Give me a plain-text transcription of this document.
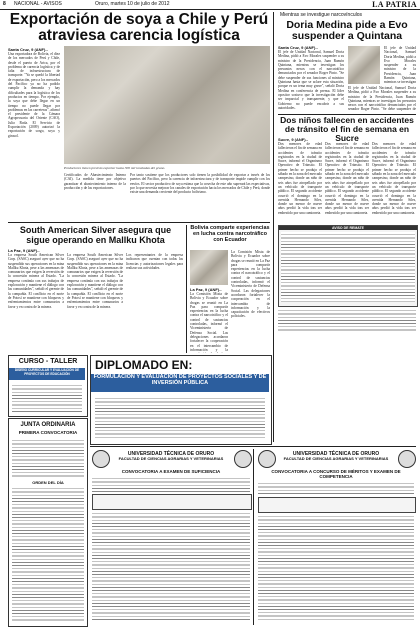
8 NACIONAL - AVISOS	Oruro, martes 10 de julio de 2012	LA PATRIA
Exportación de soya a Chile y Perú atraviesa carencia logística
Santa Cruz, 9 (ANF).-
Una exportadora de Bolivia, el diez de los mercados de Perú y Chile, desde el puerto de Arica, por el problema de carencia logística y de falta de infraestructura de transporte. "Ya se quedó la libertad de exportación, pero a los mercados del Pacífico ya no ha podido cumplir la demanda y hay dificultades para la logística de los productos en tiempo. Por ejemplo, la soya que debe llegar en un tiempo no puede llegar por problemas en las carreteras", afirmó el presidente de la Cámara Agropecuaria del Oriente (CAO), Julio Roda. El Servicio de Exportación (2009) autorizó la exportación de sorgo, soya y girasol.
Productores tienen previsto exportar hasta 300 mil toneladas del grano.
Certificados de Abastecimiento Interno (CAI). La medida tiene por objetivo garantizar el abastecimiento interno de la producción y de las exportaciones.
Por tanto sostiene que los productores solo tienen la posibilidad de exportar a través de los puertos del Pacífico, pero la carencia de infraestructura y de transporte impide cumplir con los envíos. El sector productivo de soya estima que la cosecha de este año superará las expectativas, por lo que necesita mejorar los canales de exportación hacia los mercados de Chile y Perú, donde existe una demanda creciente del producto boliviano.
Mientras se investigue narcovínculos
Doria Medina pide a Evo suspender a Quintana
Santa Cruz, 9 (ANF).-
El jefe de Unidad Nacional, Samuel Doria Medina, pidió a Evo Morales suspender a su ministro de la Presidencia, Juan Ramón Quintana, mientras se investigan los presuntos nexos con el narcotráfico denunciados por el senador Roger Pinto. "Se debe suspender de sus funciones al ministro Quintana hasta que se aclare esta situación, porque es un tema muy grave", señaló Doria Medina en conferencia de prensa. El líder opositor sostuvo que la investigación debe ser imparcial y transparente, y que el Gobierno no puede encubrir a sus autoridades.
El jefe de Unidad Nacional, Samuel Doria Medina, pidió a Evo Morales suspender a su ministro de la Presidencia, Juan Ramón Quintana, mientras se investigan los presuntos nexos con el narcotráfico denunciados por el senador Roger Pinto. "Se debe suspender de
El jefe de Unidad Nacional, Samuel Doria Medina, pidió a Evo Morales suspender a su ministro de la Presidencia, Juan Ramón Quintana, mientras se investigan
Dos niños fallecen en accidentes de tránsito el fin de semana en Sucre
Sucre, 9 (ANF).-
Dos menores de edad fallecieron el fin de semana en accidentes de tránsito registrados en la ciudad de Sucre, informó el Organismo Operativo de Tránsito. El primer hecho se produjo el sábado en la zona del mercado campesino, donde un niño de seis años fue atropellado por un vehículo de transporte público. El segundo accidente ocurrió el domingo en la avenida Hernando Siles, donde un menor de nueve años perdió la vida tras ser embestido por una camioneta.
Dos menores de edad fallecieron el fin de semana en accidentes de tránsito registrados en la ciudad de Sucre, informó el Organismo Operativo de Tránsito. El primer hecho se produjo el sábado en la zona del mercado campesino, donde un niño de seis años fue atropellado por un vehículo de transporte público. El segundo accidente ocurrió el domingo en la avenida Hernando Siles, donde un menor de nueve años perdió la vida tras ser embestido por una camioneta.
Dos menores de edad fallecieron el fin de semana en accidentes de tránsito registrados en la ciudad de Sucre, informó el Organismo Operativo de Tránsito. El primer hecho se produjo el sábado en la zona del mercado campesino, donde un niño de seis años fue atropellado por un vehículo de transporte público. El segundo accidente ocurrió el domingo en la avenida Hernando Siles, donde un menor de nueve años perdió la vida tras ser embestido por una camioneta.
AVISO DE REMATE
South American Silver asegura que sigue operando en Mallku Khota
La Paz, 9 (ANF).-
La empresa South American Silver Corp. (SASC) aseguró ayer que no ha suspendido sus operaciones en la mina Mallku Khota, pese a las amenazas de comunarios que exigen la reversión de la concesión minera al Estado. "La empresa continúa con sus trabajos de exploración y mantiene el diálogo con las comunidades", señaló el gerente de la compañía. El conflicto en el norte de Potosí se mantiene con bloqueos y enfrentamientos entre comunarios a favor y en contra de la minera.
La empresa South American Silver Corp. (SASC) aseguró ayer que no ha suspendido sus operaciones en la mina Mallku Khota, pese a las amenazas de comunarios que exigen la reversión de la concesión minera al Estado. "La empresa continúa con sus trabajos de exploración y mantiene el diálogo con las comunidades", señaló el gerente de la compañía. El conflicto en el norte de Potosí se mantiene con bloqueos y enfrentamientos entre comunarios a favor y en contra de la minera.
Los representantes de la empresa indicaron que cuentan con todas las licencias y autorizaciones legales para realizar sus actividades.
Bolivia comparte experiencias en lucha contra narcotráfico con Ecuador
La Paz, 9 (ANF).-
La Comisión Mixta de Bolivia y Ecuador sobre drogas se reunió en La Paz para compartir experiencias en la lucha contra el narcotráfico y el control de sustancias controladas, informó el Viceministerio de Defensa Social. Las delegaciones acordaron fortalecer la cooperación en el intercambio de información y la
La Comisión Mixta de Bolivia y Ecuador sobre drogas se reunió en La Paz para compartir experiencias en la lucha contra el narcotráfico y el control de sustancias controladas, informó el Viceministerio de Defensa Social. Las delegaciones acordaron fortalecer la cooperación en el intercambio de información y la capacitación de efectivos policiales.
DIPLOMADO EN:
FORMULACIÓN Y EVALUACIÓN DE PROYECTOS SOCIALES Y DE INVERSIÓN PÚBLICA
CURSO - TALLER
DISEÑO CURRICULAR Y EVALUACIÓN DE PROYECTOS DE EDUCACIÓN
JUNTA ORDINARIA
PRIMERA CONVOCATORIA
ORDEN DEL DÍA
UNIVERSIDAD TÉCNICA DE ORURO
FACULTAD DE CIENCIAS AGRARIAS Y VETERINARIAS
CONVOCATORIA A EXAMEN DE SUFICIENCIA
UNIVERSIDAD TÉCNICA DE ORURO
FACULTAD DE CIENCIAS AGRARIAS Y VETERINARIAS
CONVOCATORIA A CONCURSO DE MÉRITOS Y EXAMEN DE COMPETENCIA
